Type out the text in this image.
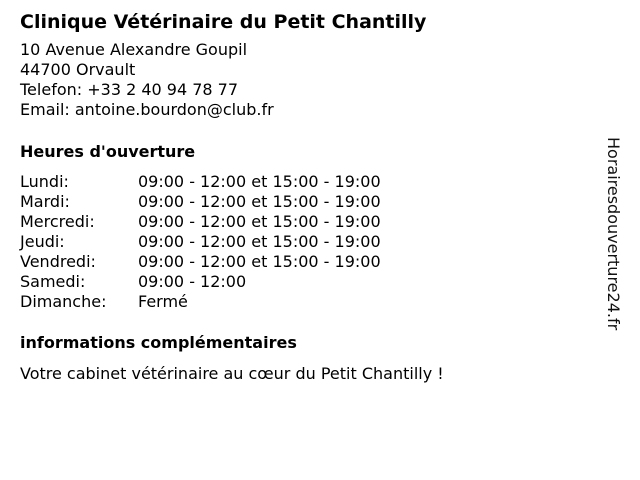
Clinique Vétérinaire du Petit Chantilly
10 Avenue Alexandre Goupil
44700 Orvault
Telefon: +33 2 40 94 78 77
Email: antoine.bourdon@club.fr
Heures d'ouverture
Lundi:	09:00 - 12:00 et 15:00 - 19:00
Mardi:	09:00 - 12:00 et 15:00 - 19:00
Mercredi:	09:00 - 12:00 et 15:00 - 19:00
Jeudi:	09:00 - 12:00 et 15:00 - 19:00
Vendredi:	09:00 - 12:00 et 15:00 - 19:00
Samedi:	09:00 - 12:00
Dimanche:	Fermé
informations complémentaires
Votre cabinet vétérinaire au cœur du Petit Chantilly !
Horairesdouverture24.fr
